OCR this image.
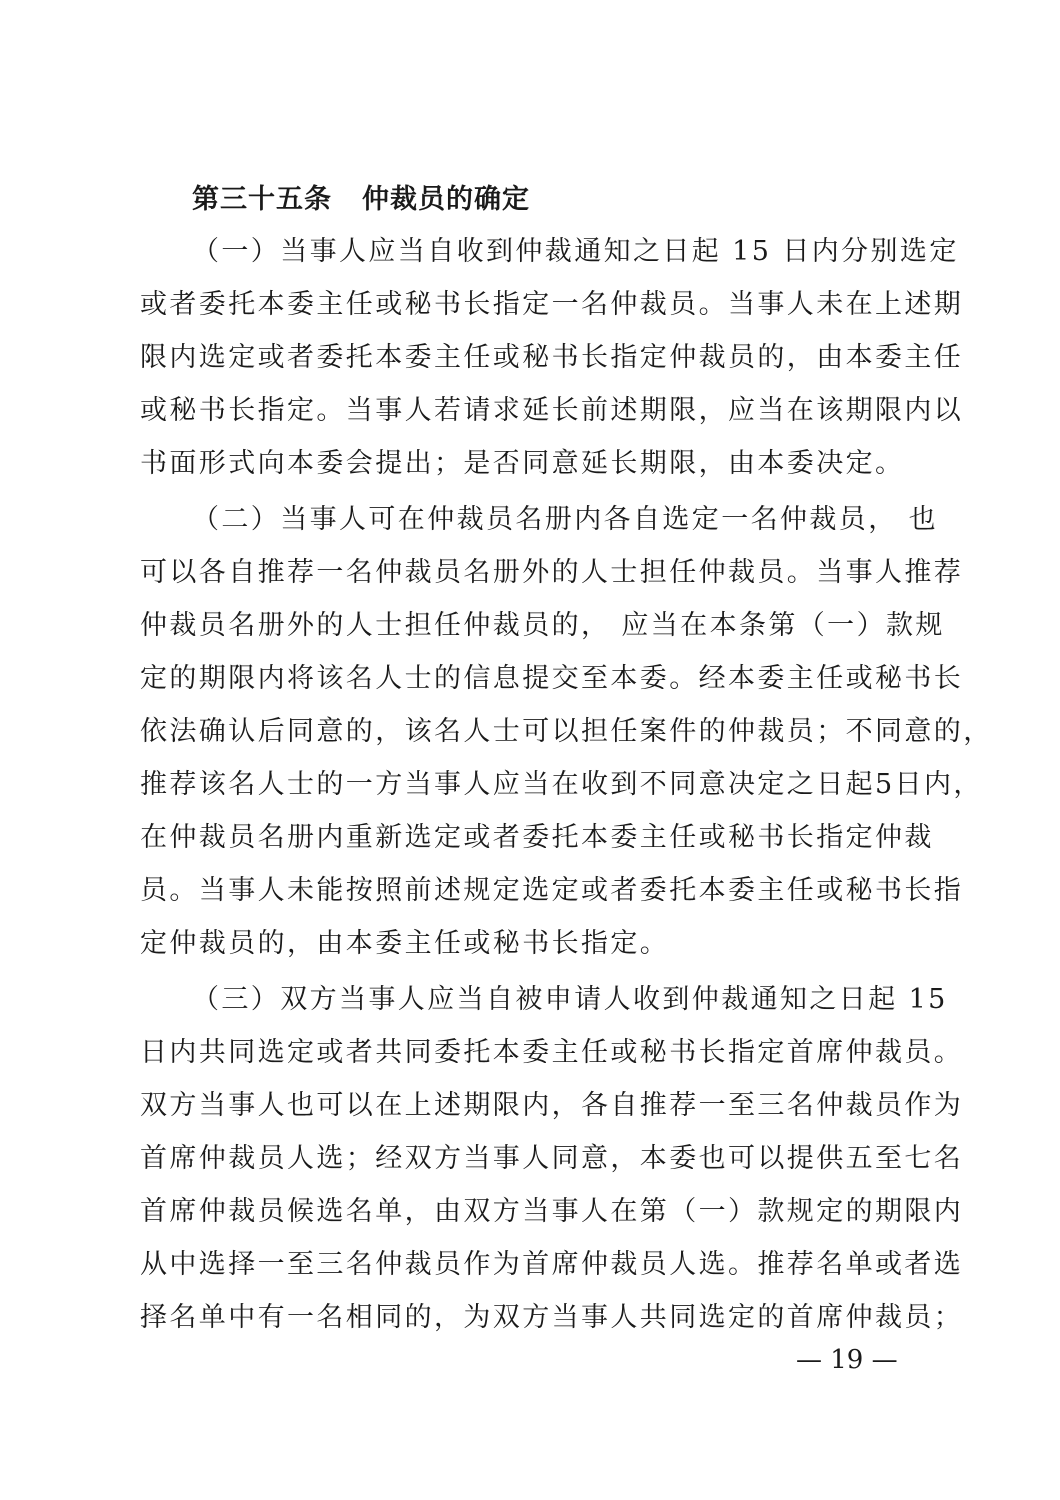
第三十五条 仲裁员的确定
（一）当事人应当自收到仲裁通知之日起 15 日内分别选定
或者委托本委主任或秘书长指定一名仲裁员。当事人未在上述期
限内选定或者委托本委主任或秘书长指定仲裁员的，由本委主任
或秘书长指定。当事人若请求延长前述期限，应当在该期限内以
书面形式向本委会提出；是否同意延长期限，由本委决定。
（二）当事人可在仲裁员名册内各自选定一名仲裁员， 也
可以各自推荐一名仲裁员名册外的人士担任仲裁员。当事人推荐
仲裁员名册外的人士担任仲裁员的， 应当在本条第（一）款规
定的期限内将该名人士的信息提交至本委。经本委主任或秘书长
依法确认后同意的，该名人士可以担任案件的仲裁员；不同意的，
推荐该名人士的一方当事人应当在收到不同意决定之日起5日内，
在仲裁员名册内重新选定或者委托本委主任或秘书长指定仲裁
员。当事人未能按照前述规定选定或者委托本委主任或秘书长指
定仲裁员的，由本委主任或秘书长指定。
（三）双方当事人应当自被申请人收到仲裁通知之日起 15
日内共同选定或者共同委托本委主任或秘书长指定首席仲裁员。
双方当事人也可以在上述期限内，各自推荐一至三名仲裁员作为
首席仲裁员人选；经双方当事人同意，本委也可以提供五至七名
首席仲裁员候选名单，由双方当事人在第（一）款规定的期限内
从中选择一至三名仲裁员作为首席仲裁员人选。推荐名单或者选
择名单中有一名相同的，为双方当事人共同选定的首席仲裁员；
— 19 —
